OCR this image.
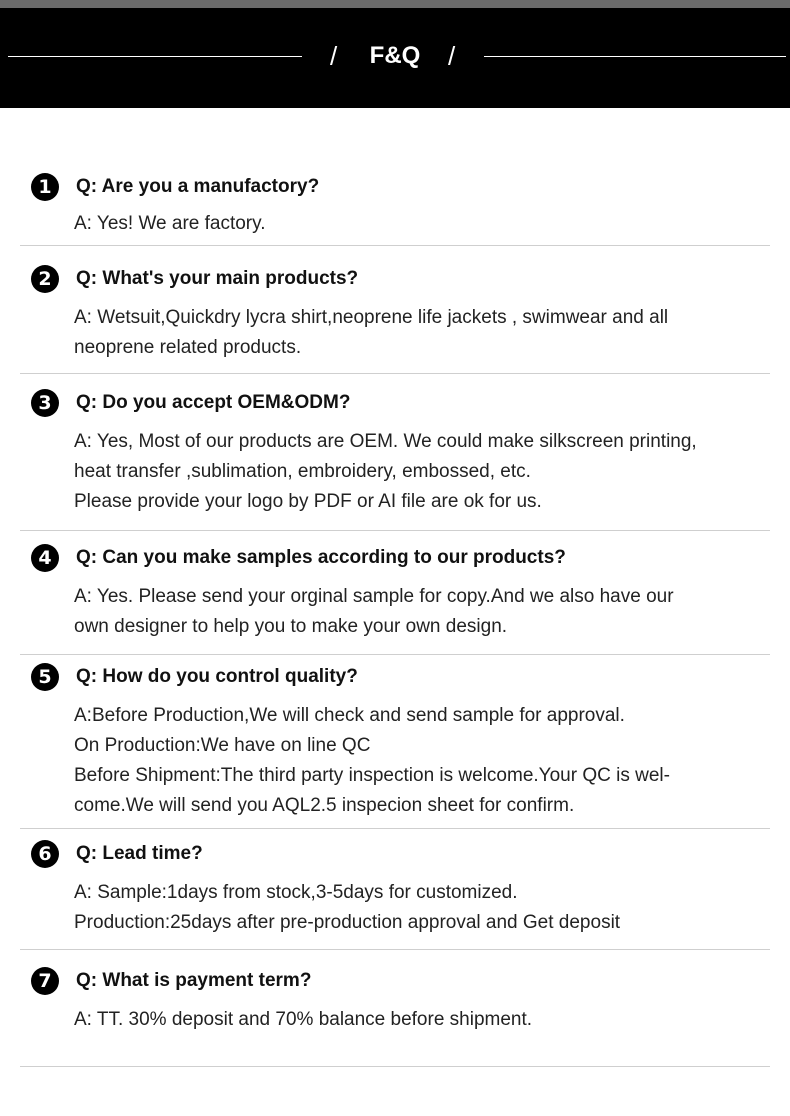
/	F&Q	/
1	Q: Are you a manufactory?
A: Yes! We are factory.
2	Q: What's your main products?
A: Wetsuit,Quickdry lycra shirt,neoprene life jackets , swimwear and all
neoprene related products.
3	Q: Do you accept OEM&ODM?
A: Yes, Most of our products are OEM. We could make silkscreen printing,
heat transfer ,sublimation, embroidery, embossed, etc.
Please provide your logo by PDF or AI file are ok for us.
4	Q: Can you make samples according to our products?
A: Yes. Please send your orginal sample for copy.And we also have our
own designer to help you to make your own design.
5	Q: How do you control quality?
A:Before Production,We will check and send sample for approval.
On Production:We have on line QC
Before Shipment:The third party inspection is welcome.Your QC is wel-
come.We will send you AQL2.5 inspecion sheet for confirm.
6	Q: Lead time?
A: Sample:1days from stock,3-5days for customized.
Production:25days after pre-production approval and Get deposit
7	Q: What is payment term?
A: TT. 30% deposit and 70% balance before shipment.
